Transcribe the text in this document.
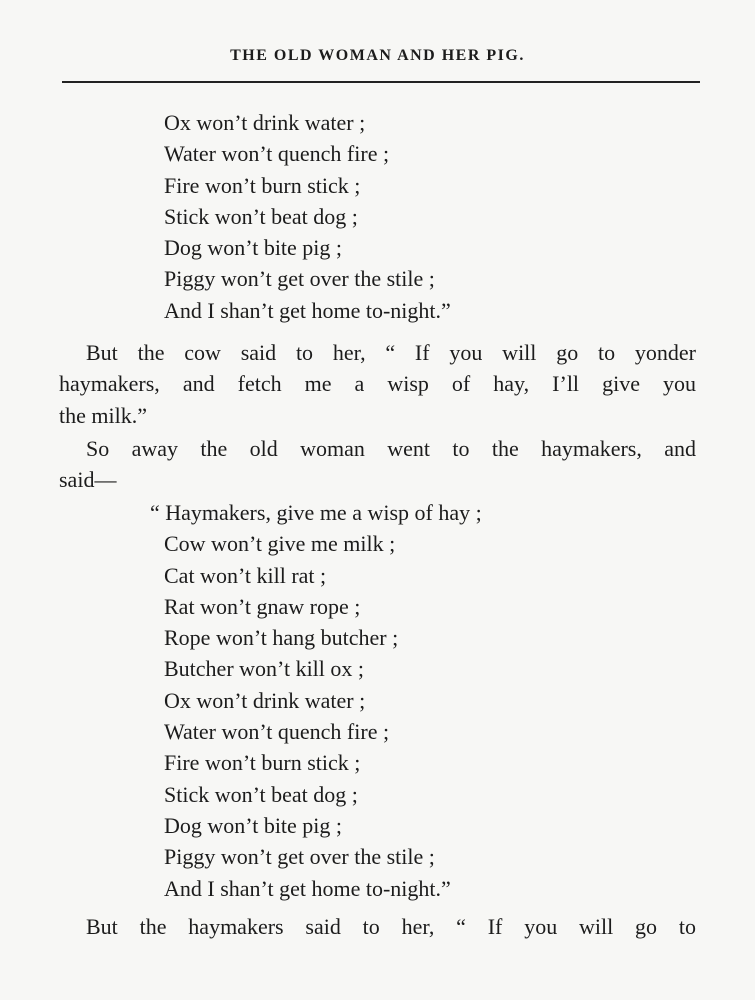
THE OLD WOMAN AND HER PIG.
Ox won’t drink water ;
Water won’t quench fire ;
Fire won’t burn stick ;
Stick won’t beat dog ;
Dog won’t bite pig ;
Piggy won’t get over the stile ;
And I shan’t get home to-night.”
But the cow said to her, “ If you will go to yonder
haymakers, and fetch me a wisp of hay, I’ll give you
the milk.”
So away the old woman went to the haymakers, and
said—
“ Haymakers, give me a wisp of hay ;
Cow won’t give me milk ;
Cat won’t kill rat ;
Rat won’t gnaw rope ;
Rope won’t hang butcher ;
Butcher won’t kill ox ;
Ox won’t drink water ;
Water won’t quench fire ;
Fire won’t burn stick ;
Stick won’t beat dog ;
Dog won’t bite pig ;
Piggy won’t get over the stile ;
And I shan’t get home to-night.”
But the haymakers said to her, “ If you will go to
